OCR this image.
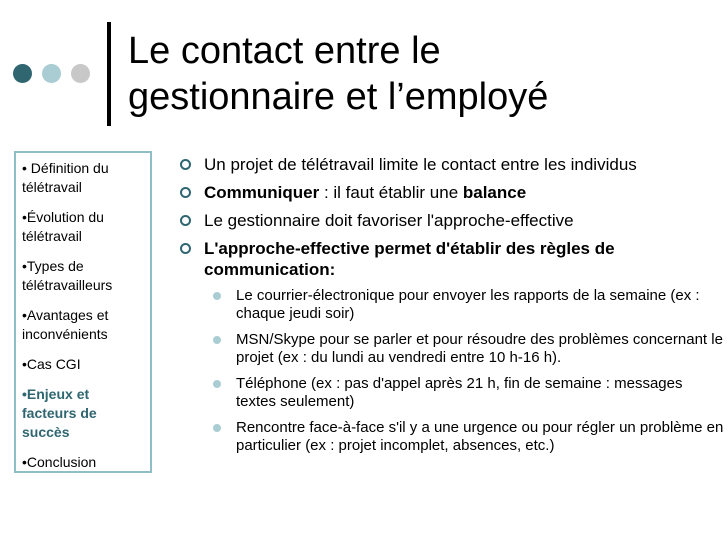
Le contact entre le
gestionnaire et l’employé
• Définition du télétravail
•Évolution du télétravail
•Types de télétravailleurs
•Avantages et inconvénients
•Cas CGI
•Enjeux et facteurs de succès
•Conclusion
Un projet de télétravail limite le contact entre les individus
Communiquer : il faut établir une balance
Le gestionnaire doit favoriser l'approche-effective
L'approche-effective permet d'établir des règles de communication:
Le courrier-électronique pour envoyer les rapports de la semaine (ex : chaque jeudi soir)
MSN/Skype pour se parler et pour résoudre des problèmes concernant le projet (ex : du lundi au vendredi entre 10 h-16 h).
Téléphone (ex : pas d'appel après 21 h, fin de semaine : messages textes seulement)
Rencontre face-à-face s'il y a une urgence ou pour régler un problème en particulier (ex : projet incomplet, absences, etc.)
